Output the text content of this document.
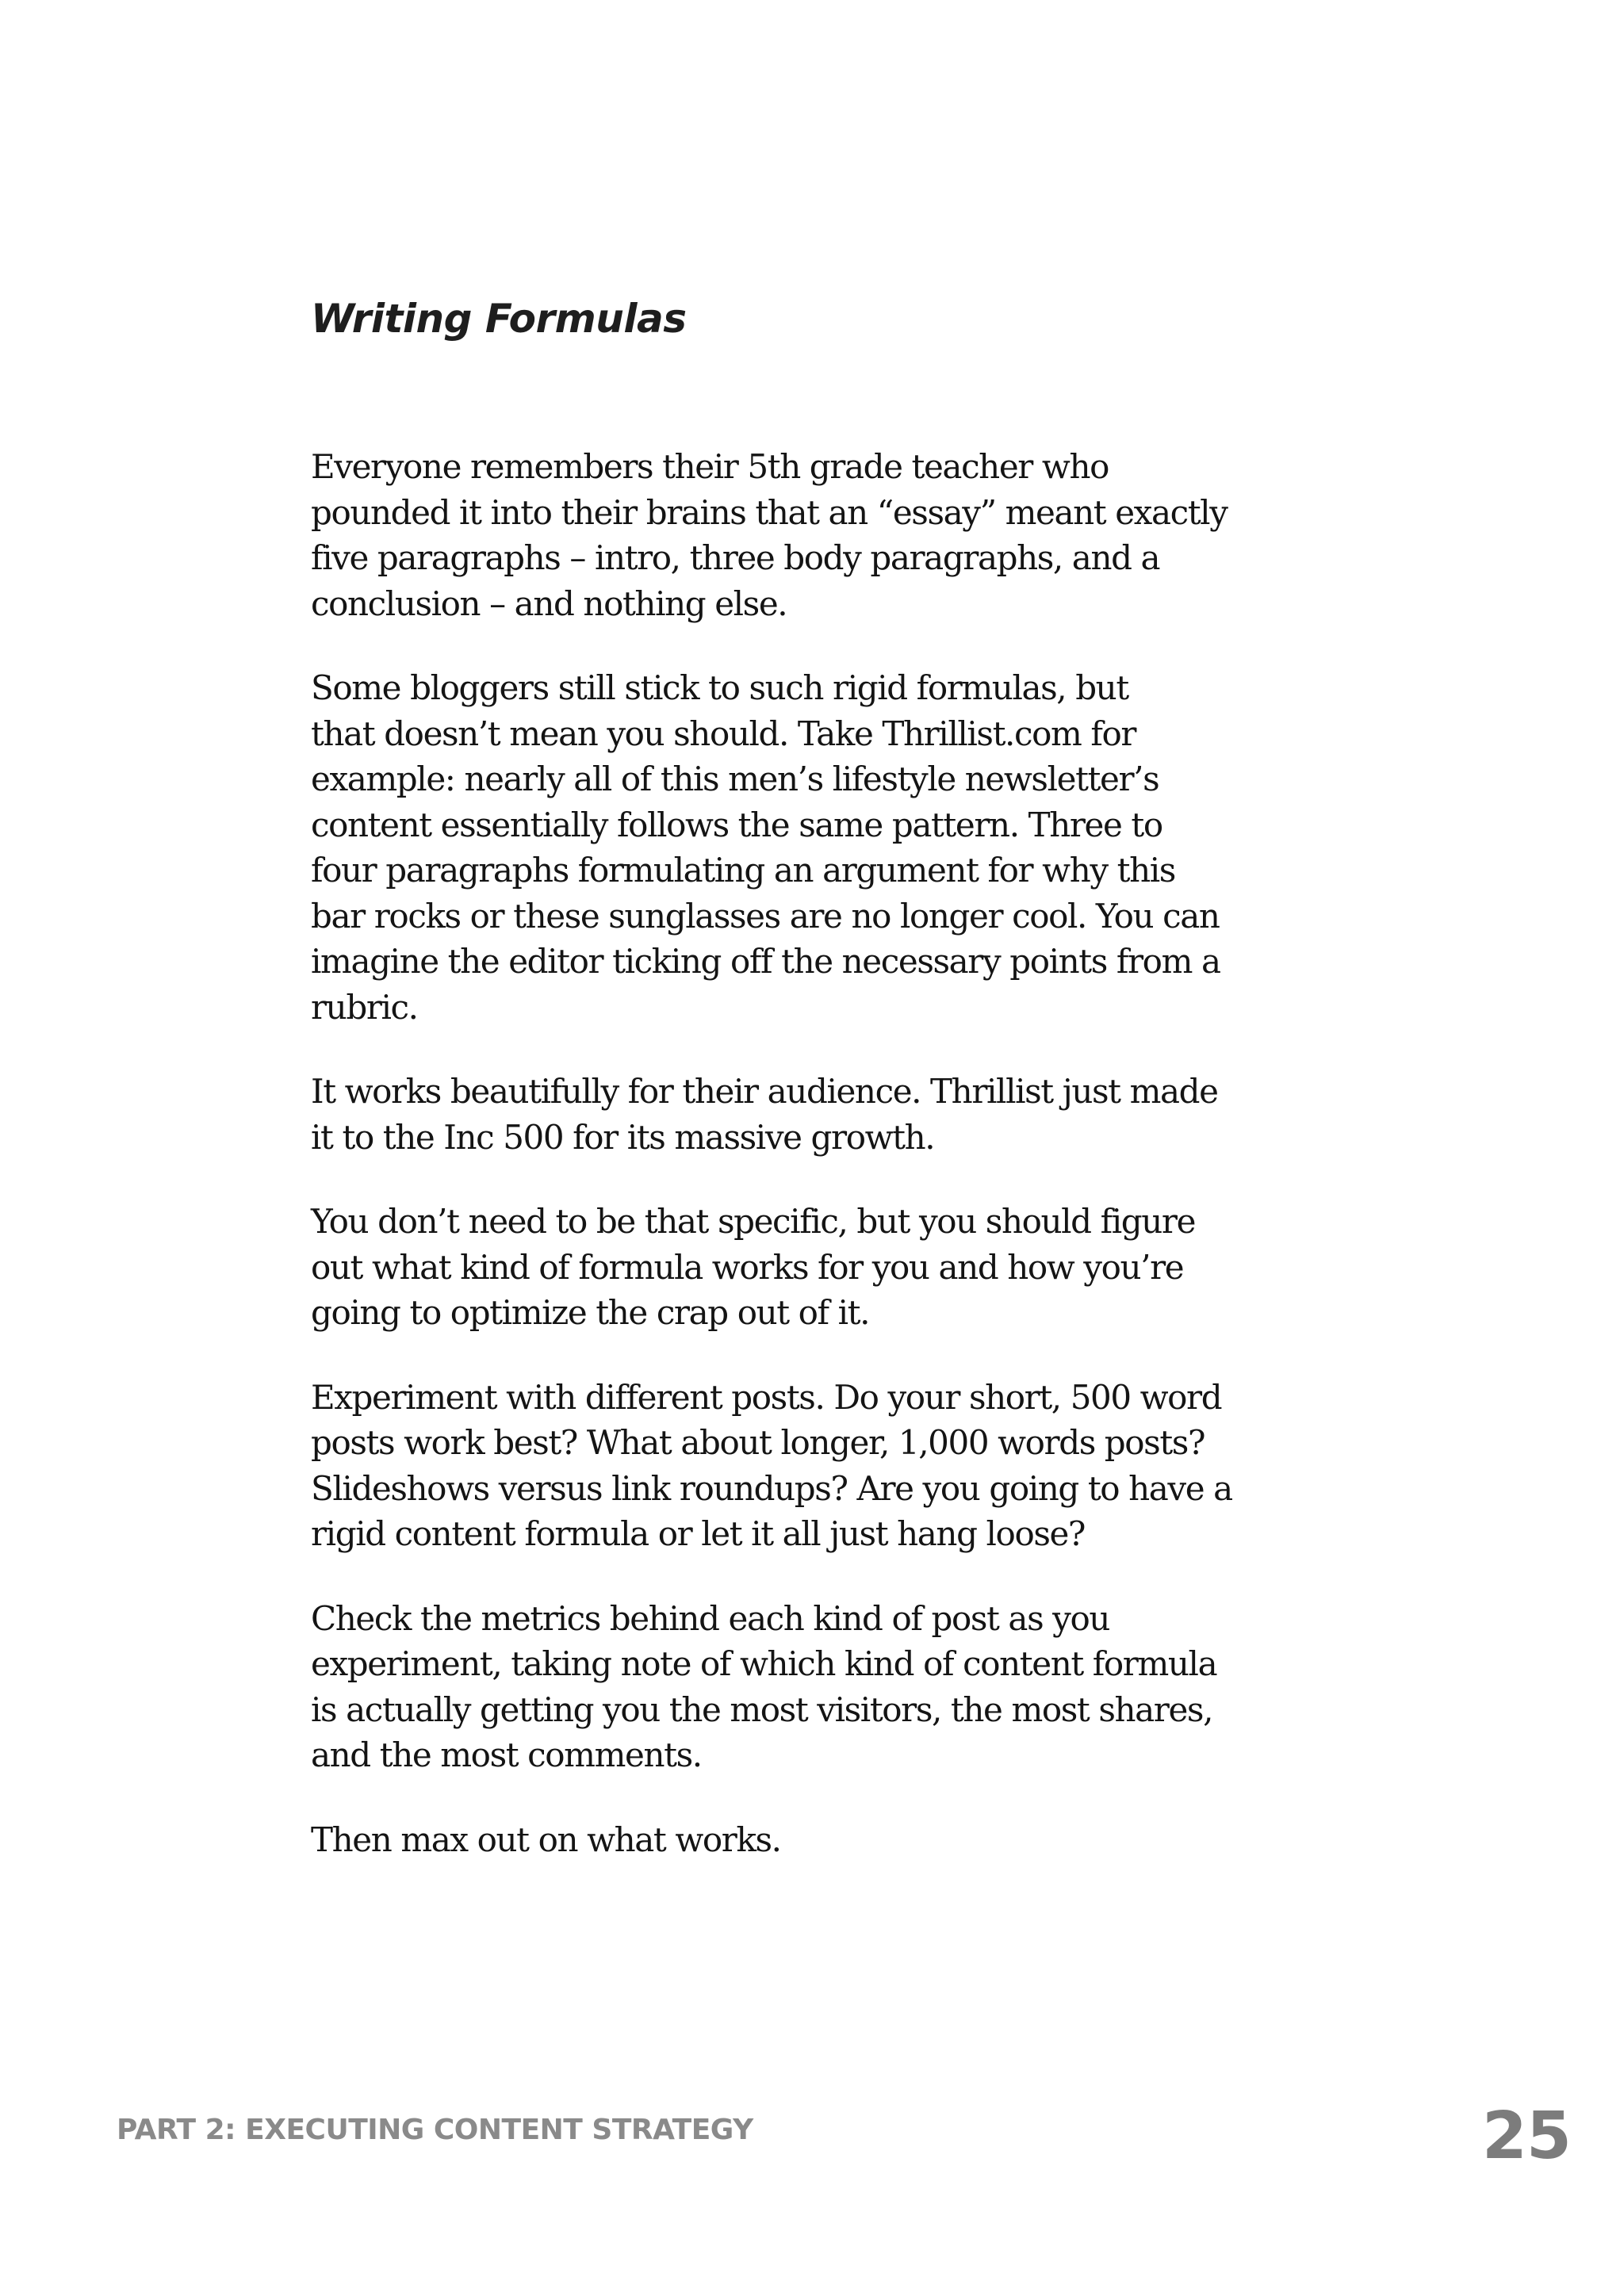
Writing Formulas

Everyone remembers their 5th grade teacher who
pounded it into their brains that an “essay” meant exactly
five paragraphs – intro, three body paragraphs, and a
conclusion – and nothing else.

Some bloggers still stick to such rigid formulas, but
that doesn’t mean you should. Take Thrillist.com for
example: nearly all of this men’s lifestyle newsletter’s
content essentially follows the same pattern. Three to
four paragraphs formulating an argument for why this
bar rocks or these sunglasses are no longer cool. You can
imagine the editor ticking off the necessary points from a
rubric.

It works beautifully for their audience. Thrillist just made
it to the Inc 500 for its massive growth.

You don’t need to be that specific, but you should figure
out what kind of formula works for you and how you’re
going to optimize the crap out of it.

Experiment with different posts. Do your short, 500 word
posts work best? What about longer, 1,000 words posts?
Slideshows versus link roundups? Are you going to have a
rigid content formula or let it all just hang loose?

Check the metrics behind each kind of post as you
experiment, taking note of which kind of content formula
is actually getting you the most visitors, the most shares,
and the most comments.

Then max out on what works.

PART 2: EXECUTING CONTENT STRATEGY	25
